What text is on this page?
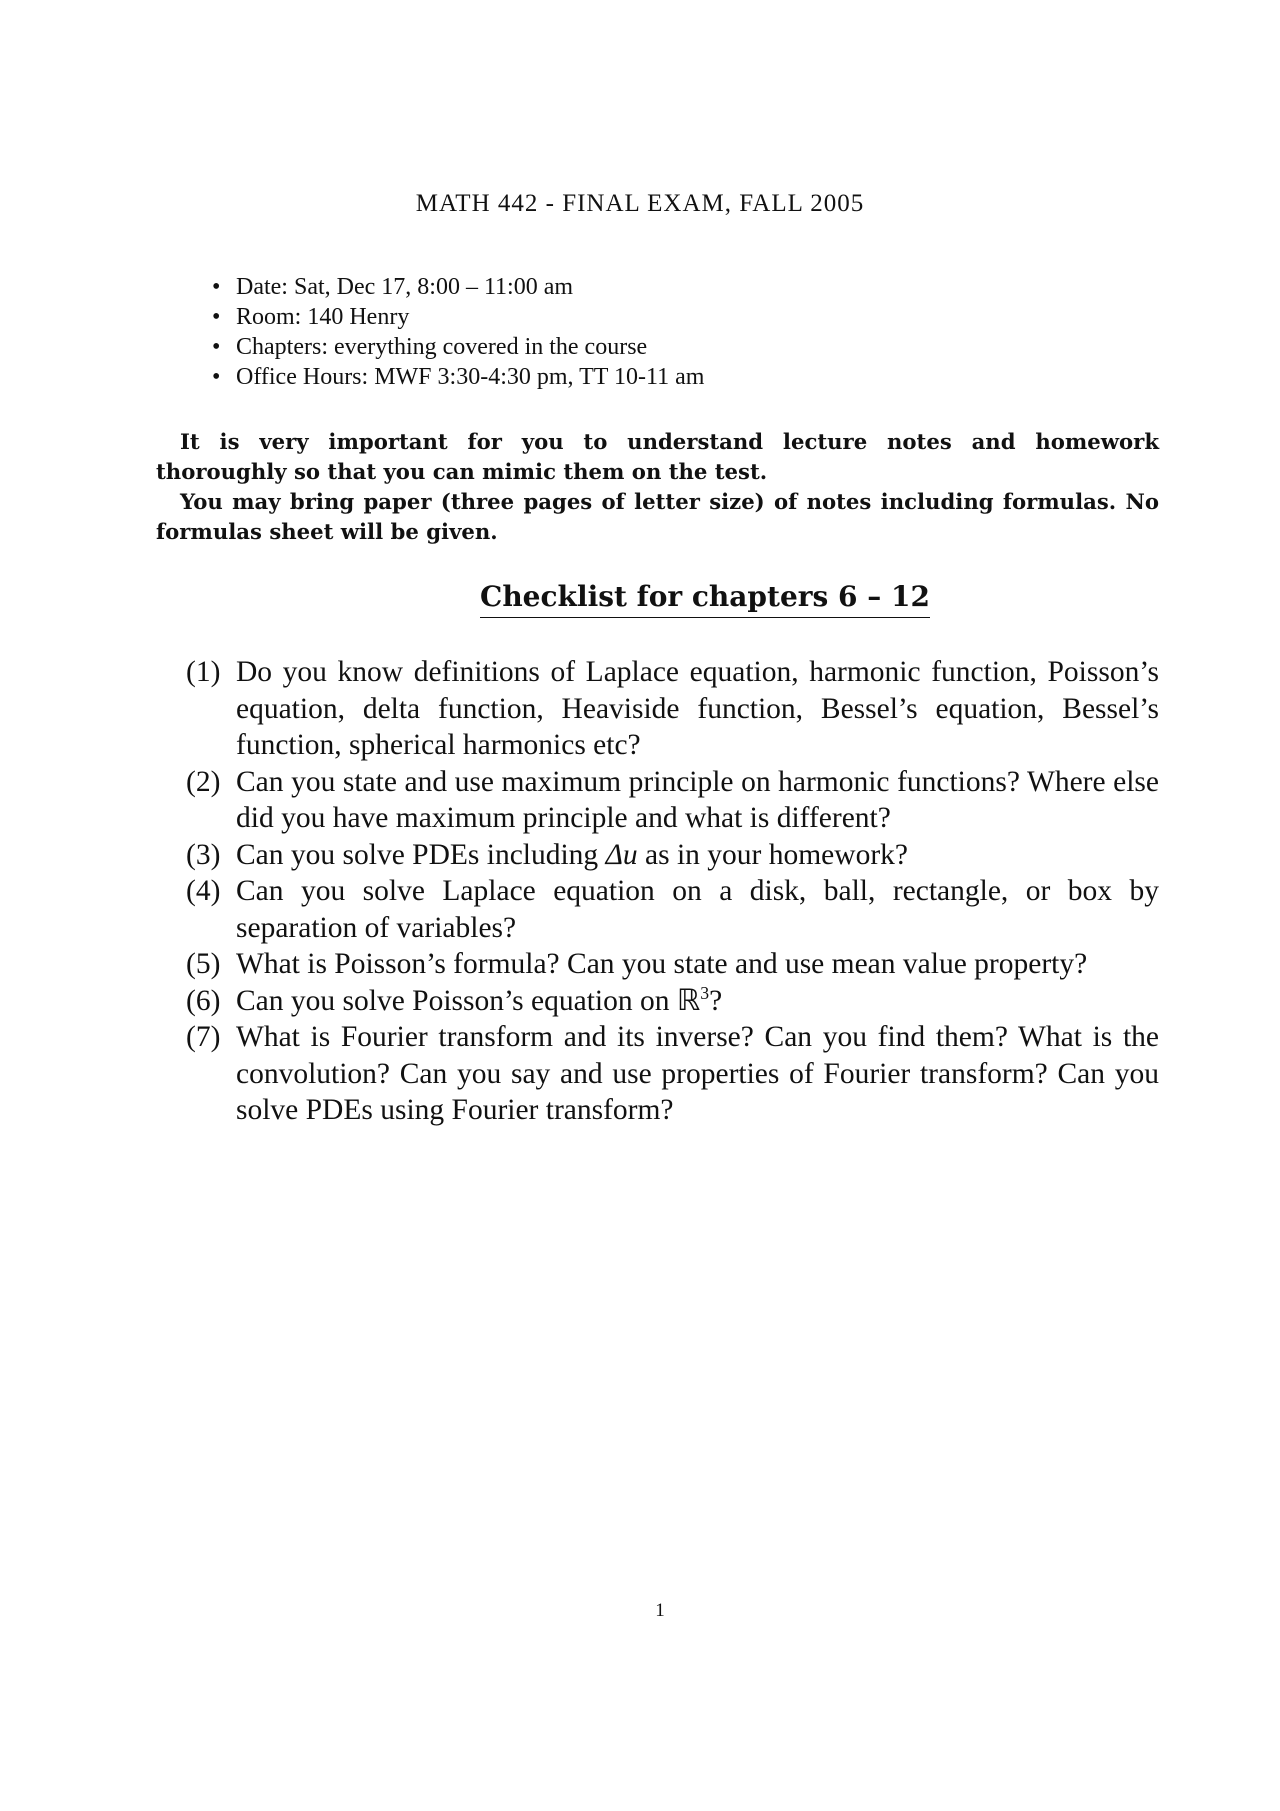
MATH 442 - FINAL EXAM, FALL 2005
• Date: Sat, Dec 17, 8:00 – 11:00 am
• Room: 140 Henry
• Chapters: everything covered in the course
• Office Hours: MWF 3:30-4:30 pm, TT 10-11 am

It is very important for you to understand lecture notes and homework thoroughly so that you can mimic them on the test.

You may bring paper (three pages of letter size) of notes including formulas. No formulas sheet will be given.

Checklist for chapters 6 – 12
(1) Do you know definitions of Laplace equation, harmonic function, Poisson’s equation, delta function, Heaviside function, Bessel’s equation, Bessel’s function, spherical harmonics etc?
(2) Can you state and use maximum principle on harmonic functions? Where else did you have maximum principle and what is different?
(3) Can you solve PDEs including Δu as in your homework?
(4) Can you solve Laplace equation on a disk, ball, rectangle, or box by separation of variables?
(5) What is Poisson’s formula? Can you state and use mean value property?
(6) Can you solve Poisson’s equation on ℝ$^3$?
(7) What is Fourier transform and its inverse? Can you find them? What is the convolution? Can you say and use properties of Fourier transform? Can you solve PDEs using Fourier transform?
1
